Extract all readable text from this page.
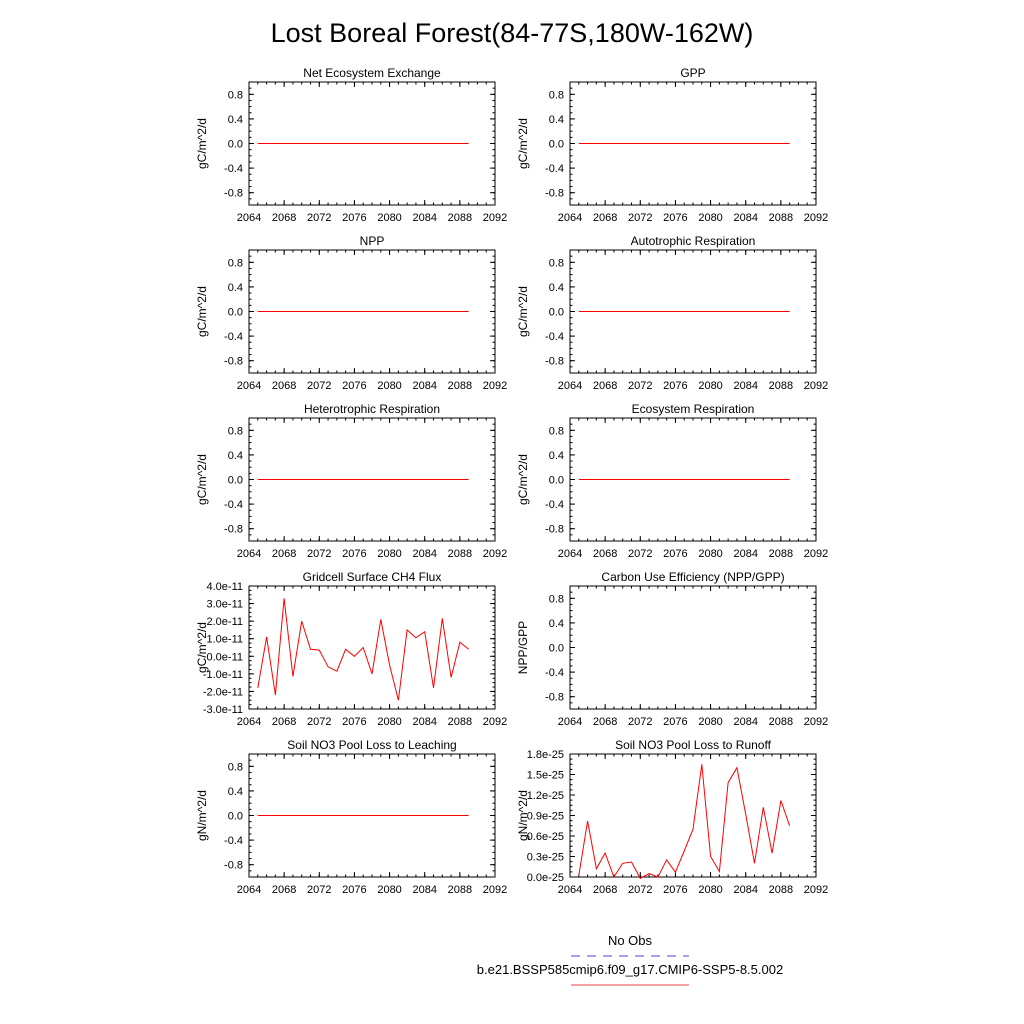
Lost Boreal Forest(84-77S,180W-162W)
Net Ecosystem Exchange
gC/m^2/d
2064 2068 2072 2076 2080 2084 2088 2092
0.8
0.4
0.0
-0.4
-0.8
GPP
gC/m^2/d
2064 2068 2072 2076 2080 2084 2088 2092
0.8
0.4
0.0
-0.4
-0.8
NPP
gC/m^2/d
2064 2068 2072 2076 2080 2084 2088 2092
0.8
0.4
0.0
-0.4
-0.8
Autotrophic Respiration
gC/m^2/d
2064 2068 2072 2076 2080 2084 2088 2092
0.8
0.4
0.0
-0.4
-0.8
Heterotrophic Respiration
gC/m^2/d
2064 2068 2072 2076 2080 2084 2088 2092
0.8
0.4
0.0
-0.4
-0.8
Ecosystem Respiration
gC/m^2/d
2064 2068 2072 2076 2080 2084 2088 2092
0.8
0.4
0.0
-0.4
-0.8
Gridcell Surface CH4 Flux
gC/m^2/d
2064 2068 2072 2076 2080 2084 2088 2092
4.0e-11
3.0e-11
2.0e-11
1.0e-11
0.0e-11
-1.0e-11
-2.0e-11
-3.0e-11
Carbon Use Efficiency (NPP/GPP)
NPP/GPP
2064 2068 2072 2076 2080 2084 2088 2092
0.8
0.4
0.0
-0.4
-0.8
Soil NO3 Pool Loss to Leaching
gN/m^2/d
2064 2068 2072 2076 2080 2084 2088 2092
0.8
0.4
0.0
-0.4
-0.8
Soil NO3 Pool Loss to Runoff
gN/m^2/d
2064 2068 2072 2076 2080 2084 2088 2092
1.8e-25
1.5e-25
1.2e-25
0.9e-25
0.6e-25
0.3e-25
0.0e-25
No Obs
b.e21.BSSP585cmip6.f09_g17.CMIP6-SSP5-8.5.002
